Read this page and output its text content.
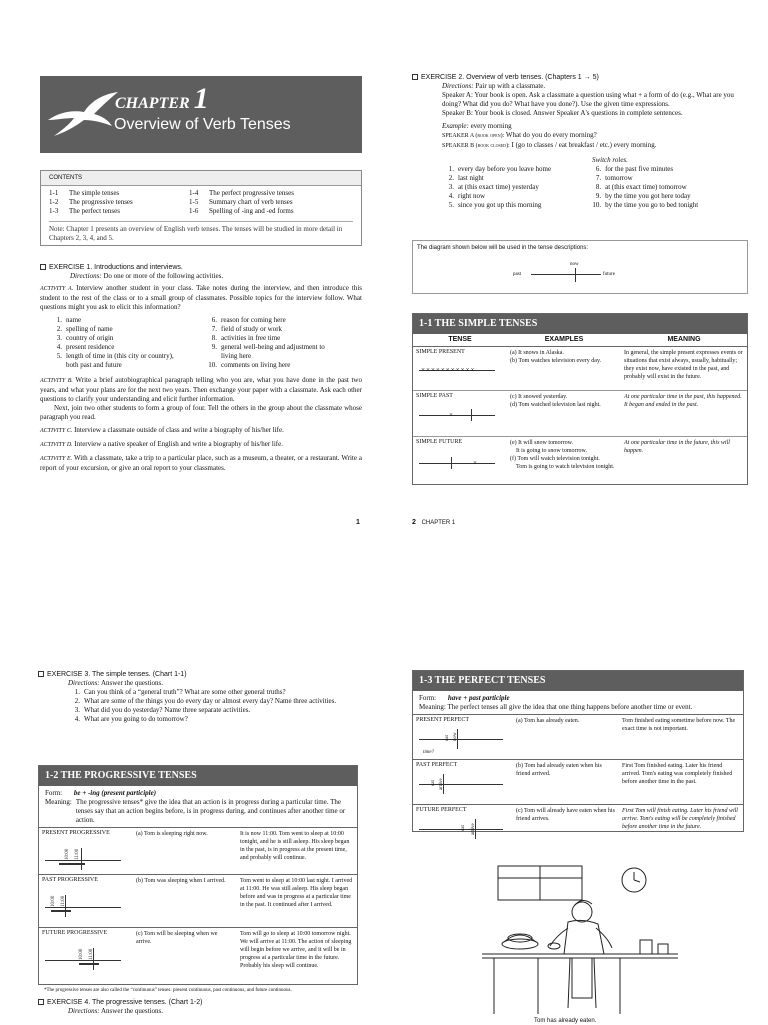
CHAPTER 1
Overview of Verb Tenses
CONTENTS
1-1 The simple tenses
1-2 The progressive tenses
1-3 The perfect tenses
1-4 The perfect progressive tenses
1-5 Summary chart of verb tenses
1-6 Spelling of -ing and -ed forms
Note: Chapter 1 presents an overview of English verb tenses. The tenses will be studied in more detail in Chapters 2, 3, 4, and 5.
EXERCISE 1. Introductions and interviews.
Directions: Do one or more of the following activities.
ACTIVITY A. Interview another student in your class. Take notes during the interview, and then introduce this student to the rest of the class or to a small group of classmates. Possible topics for the interview follow. What questions might you ask to elicit this information?
1. name
2. spelling of name
3. country of origin
4. present residence
5. length of time in (this city or country), both past and future
6. reason for coming here
7. field of study or work
8. activities in free time
9. general well-being and adjustment to living here
10. comments on living here
ACTIVITY B. Write a brief autobiographical paragraph telling who you are, what you have done in the past two years, and what your plans are for the next two years. Then exchange your paper with a classmate. Ask each other questions to clarify your understanding and elicit further information.
Next, join two other students to form a group of four. Tell the others in the group about the classmate whose paragraph you read.
ACTIVITY C. Interview a classmate outside of class and write a biography of his/her life.
ACTIVITY D. Interview a native speaker of English and write a biography of his/her life.
ACTIVITY E. With a classmate, take a trip to a particular place, such as a museum, a theater, or a restaurant. Write a report of your excursion, or give an oral report to your classmates.
1
EXERCISE 2. Overview of verb tenses. (Chapters 1 → 5)
Directions: Pair up with a classmate.
Speaker A: Your book is open. Ask a classmate a question using what + a form of do (e.g., What are you doing? What did you do? What have you done?). Use the given time expressions.
Speaker B: Your book is closed. Answer Speaker A's questions in complete sentences.
Example: every morning
SPEAKER A (book open): What do you do every morning?
SPEAKER B (book closed): I (go to classes / eat breakfast / etc.) every morning.
Switch roles.
1. every day before you leave home
2. last night
3. at (this exact time) yesterday
4. right now
5. since you got up this morning
6. for the past five minutes
7. tomorrow
8. at (this exact time) tomorrow
9. by the time you got here today
10. by the time you go to bed tonight
The diagram shown below will be used in the tense descriptions:
now
past	future
1-1 THE SIMPLE TENSES
TENSE	EXAMPLES	MEANING
SIMPLE PRESENT
×××××××××××
(a) It snows in Alaska.
(b) Tom watches television every day.
In general, the simple present expresses events or situations that exist always, usually, habitually; they exist now, have existed in the past, and probably will exist in the future.
SIMPLE PAST
×
(c) It snowed yesterday.
(d) Tom watched television last night.
At one particular time in the past, this happened. It began and ended in the past.
SIMPLE FUTURE
×
(e) It will snow tomorrow.
It is going to snow tomorrow.
(f) Tom will watch television tonight.
Tom is going to watch television tonight.
At one particular time in the future, this will happen.
2 CHAPTER 1
EXERCISE 3. The simple tenses. (Chart 1-1)
Directions: Answer the questions.
1. Can you think of a “general truth”? What are some other general truths?
2. What are some of the things you do every day or almost every day? Name three activities.
3. What did you do yesterday? Name three separate activities.
4. What are you going to do tomorrow?
1-2 THE PROGRESSIVE TENSES
Form: be + -ing (present participle)
Meaning: The progressive tenses* give the idea that an action is in progress during a particular time. The tenses say that an action begins before, is in progress during, and continues after another time or action.
PRESENT PROGRESSIVE
10:00 11:00
(a) Tom is sleeping right now.	It is now 11:00. Tom went to sleep at 10:00 tonight, and he is still asleep. His sleep began in the past, is in progress at the present time, and probably will continue.
PAST PROGRESSIVE
10:00 11:00
(b) Tom was sleeping when I arrived.	Tom went to sleep at 10:00 last night. I arrived at 11:00. He was still asleep. His sleep began before and was in progress at a particular time in the past. It continued after I arrived.
FUTURE PROGRESSIVE
10:00 11:00
(c) Tom will be sleeping when we arrive.
Tom will go to sleep at 10:00 tomorrow night. We will arrive at 11:00. The action of sleeping will begin before we arrive, and it will be in progress at a particular time in the future. Probably his sleep will continue.
*The progressive tenses are also called the “continuous” tenses: present continuous, past continuous, and future continuous.
EXERCISE 4. The progressive tenses. (Chart 1-2)
Directions: Answer the questions.
1-3 THE PERFECT TENSES
Form: have + past participle
Meaning: The perfect tenses all give the idea that one thing happens before another time or event.
PRESENT PERFECT
eat now
time?
(a) Tom has already eaten.	Tom finished eating sometime before now. The exact time is not important.
PAST PERFECT
eat arrive
(b) Tom had already eaten when his friend arrived.
First Tom finished eating. Later his friend arrived. Tom's eating was completely finished before another time in the past.
FUTURE PERFECT
eat arrive
(c) Tom will already have eaten when his friend arrives.
First Tom will finish eating. Later his friend will arrive. Tom's eating will be completely finished before another time in the future.
Tom has already eaten.
